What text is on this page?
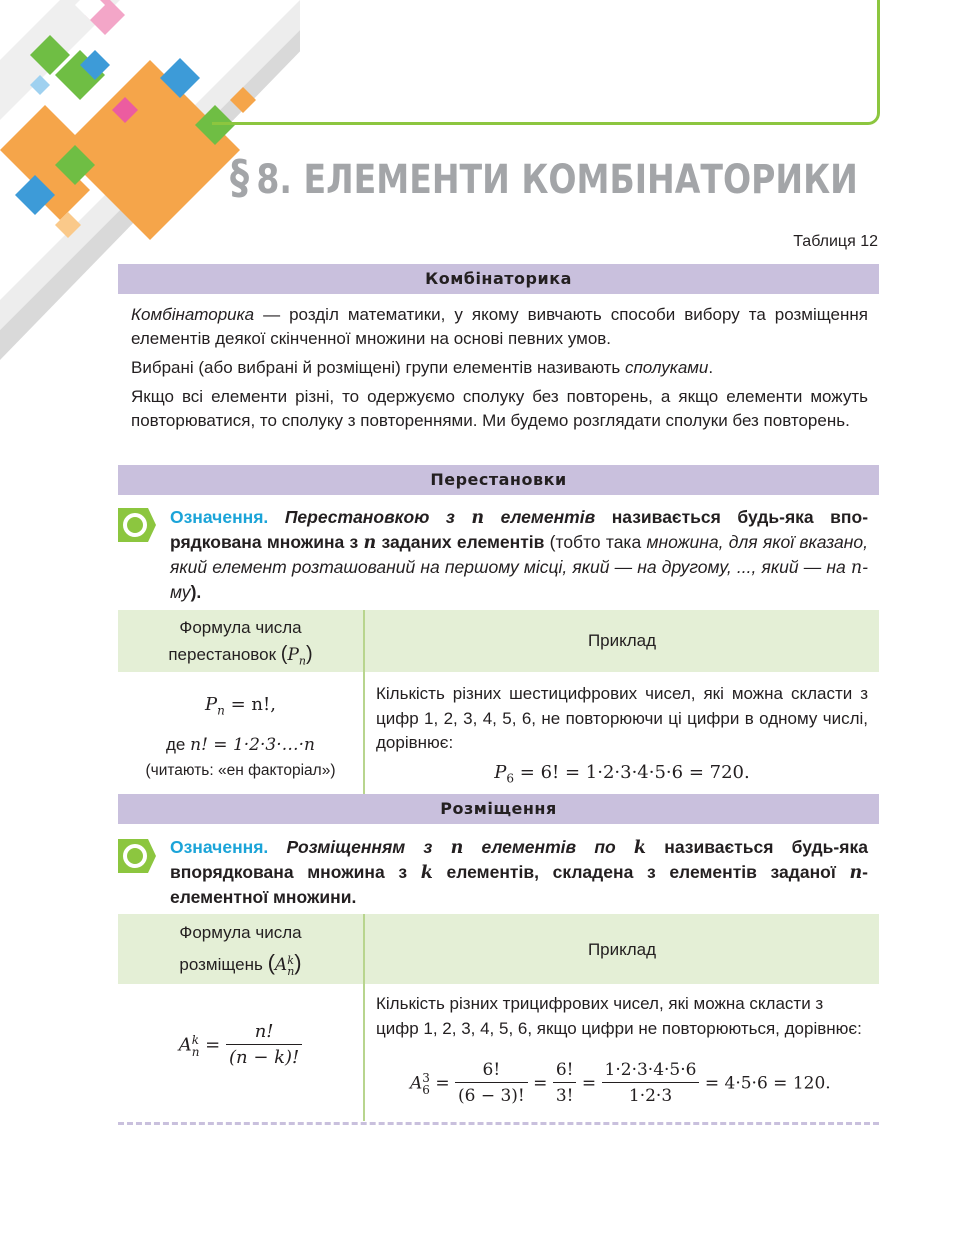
§ 8. ЕЛЕМЕНТИ КОМБІНАТОРИКИ
Таблиця 12
Комбінаторика
Комбінаторика — розділ математики, у якому вивчають способи вибору та розміщення елементів деякої скінченної множини на основі певних умов.
Вибрані (або вибрані й розміщені) групи елементів називають сполуками.
Якщо всі елементи різні, то одержуємо сполуку без повторень, а якщо елементи можуть повторюватися, то сполуку з повтореннями. Ми будемо розглядати сполуки без повторень.
Перестановки
Означення. Перестановкою з n елементів називається будь-яка впорядкована множина з n заданих елементів (тобто така множина, для якої вказано, який елемент розташований на першому місці, який — на другому, ..., який — на n-му).
Формула числа
перестановок $(P_n)$
Приклад
$P_n = n$!,
де n! = 1·2·3·…·n
(читають: «ен факторіал»)
Кількість різних шестицифрових чисел, які можна скласти з цифр 1, 2, 3, 4, 5, 6, не повторюючи ці цифри в одному числі, дорівнює:
$P_6 = 6$! = 1·2·3·4·5·6 = 720.
Розміщення
Означення. Розміщенням з n елементів по k називається будь-яка впорядкована множина з k елементів, складена з елементів заданої n-елементної множини.
Формула числа
розміщень (A k
n )
Приклад
A k
$n = \frac{n!}{(n - k)!}$
Кількість різних трицифрових чисел, які можна скласти з цифр 1, 2, 3, 4, 5, 6, якщо цифри не повторюються, дорівнює:
A 3
$6 = \frac{6!}{(6 - 3)!} = \frac{6!}{3!} = \frac{1\cdot 2\cdot 3\cdot 4\cdot 5\cdot 6}{1\cdot 2\cdot 3} = 4\cdot 5\cdot 6 = 120$.
